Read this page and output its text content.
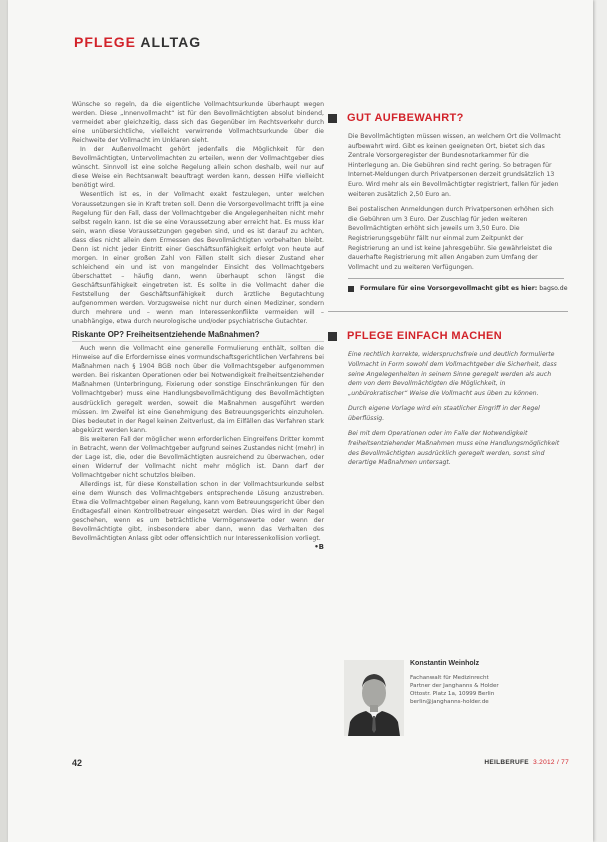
PFLEGE ALLTAG

Wünsche so regeln, da die eigentliche Vollmachtsurkunde überhaupt wegen werden. Diese „Innenvollmacht“ ist für den Bevollmächtigten absolut bindend, vermeidet aber gleichzeitig, dass sich das Gegenüber im Rechtsverkehr durch eine unübersichtliche, vielleicht verwirrende Vollmachtsurkunde über die Reichweite der Vollmacht im Unklaren sieht.

In der Außenvollmacht gehört jedenfalls die Möglichkeit für den Bevollmächtigten, Untervollmachten zu erteilen, wenn der Vollmachtgeber dies wünscht. Sinnvoll ist eine solche Regelung allein schon deshalb, weil nur auf diese Weise ein Rechtsanwalt beauftragt werden kann, dessen Hilfe vielleicht benötigt wird.

Wesentlich ist es, in der Vollmacht exakt festzulegen, unter welchen Voraussetzungen sie in Kraft treten soll. Denn die Vorsorgevollmacht trifft ja eine Regelung für den Fall, dass der Vollmachtgeber die Angelegenheiten nicht mehr selbst regeln kann. Ist die se eine Voraussetzung aber erreicht hat. Es muss klar sein, wann diese Voraussetzungen gegeben sind, und es ist darauf zu achten, dass dies nicht allein dem Ermessen des Bevollmächtigten vorbehalten bleibt. Denn ist nicht jeder Eintritt einer Geschäftsunfähigkeit erfolgt von heute auf morgen. In einer großen Zahl von Fällen stellt sich dieser Zustand eher schleichend ein und ist von mangelnder Einsicht des Vollmachtgebers überschattet – häufig dann, wenn überhaupt schon längst die Geschäftsunfähigkeit eingetreten ist. Es sollte in die Vollmacht daher die Feststellung der Geschäftsunfähigkeit durch ärztliche Begutachtung aufgenommen werden. Vorzugsweise nicht nur durch einen Mediziner, sondern durch mehrere und – wenn man Interessenkonflikte vermeiden will – unabhängige, etwa durch neurologische und/oder psychiatrische Gutachter.

Riskante OP? Freiheitsentziehende Maßnahmen?

Auch wenn die Vollmacht eine generelle Formulierung enthält, sollten die Hinweise auf die Erfordernisse eines vormundschaftsgerichtlichen Verfahrens bei Maßnahmen nach § 1904 BGB noch über die Vollmachtsgeber aufgenommen werden. Bei riskanten Operationen oder bei Notwendigkeit freiheitsentziehender Maßnahmen (Unterbringung, Fixierung oder sonstige Einschränkungen für den Vollmachtgeber) muss eine Handlungsbevollmächtigung des Bevollmächtigten ausdrücklich geregelt werden, soweit die Maßnahmen ausgeführt werden müssen. Im Zweifel ist eine Genehmigung des Betreuungsgerichts einzuholen. Dies bedeutet in der Regel keinen Zeitverlust, da im Eilfällen das Verfahren stark abgekürzt werden kann.

Bis weiteren Fall der möglicher wenn erforderlichen Eingreifens Dritter kommt in Betracht, wenn der Vollmachtgeber aufgrund seines Zustandes nicht (mehr) in der Lage ist, die, oder die Bevollmächtigten ausreichend zu überwachen, oder einen Widerruf der Vollmacht nicht mehr möglich ist. Dann darf der Vollmachtgeber nicht schutzlos bleiben.

Allerdings ist, für diese Konstellation schon in der Vollmachtsurkunde selbst eine dem Wunsch des Vollmachtgebers entsprechende Lösung anzustreben. Etwa die Vollmachtgeber einen Regelung, kann vom Betreuungsgericht über den Endtagesfall einen Kontrollbetreuer eingesetzt werden. Dies wird in der Regel geschehen, wenn es um beträchtliche Vermögenswerte oder wenn der Bevollmächtigte gibt, insbesondere aber dann, wenn das Verhalten des Bevollmächtigten Anlass gibt oder offensichtlich nur Interessenkollision vorliegt.

•B
GUT AUFBEWAHRT?

Die Bevollmächtigten müssen wissen, an welchem Ort die Vollmacht aufbewahrt wird. Gibt es keinen geeigneten Ort, bietet sich das Zentrale Vorsorgeregister der Bundesnotarkammer für die Hinterlegung an. Die Gebühren sind recht gering. So betragen für Internet-Meldungen durch Privatpersonen derzeit grundsätzlich 13 Euro. Wird mehr als ein Bevollmächtigter registriert, fallen für jeden weiteren zusätzlich 2,50 Euro an.

Bei postalischen Anmeldungen durch Privatpersonen erhöhen sich die Gebühren um 3 Euro. Der Zuschlag für jeden weiteren Bevollmächtigten erhöht sich jeweils um 3,50 Euro. Die Registrierungsgebühr fällt nur einmal zum Zeitpunkt der Registrierung an und ist keine Jahresgebühr. Sie gewährleistet die dauerhafte Registrierung mit allen Angaben zum Umfang der Vollmacht und zu weiteren Verfügungen.

Formulare für eine Vorsorgevollmacht gibt es hier: bagso.de
PFLEGE EINFACH MACHEN

Eine rechtlich korrekte, widerspruchsfreie und deutlich formulierte Vollmacht in Form sowohl dem Vollmachtgeber die Sicherheit, dass seine Angelegenheiten in seinem Sinne geregelt werden als auch dem von dem Bevollmächtigten die Möglichkeit, in „unbürokratischer“ Weise die Vollmacht aus üben zu können.

Durch eigene Vorlage wird ein staatlicher Eingriff in der Regel überflüssig.

Bei mit dem Operationen oder im Falle der Notwendigkeit freiheitsentziehender Maßnahmen muss eine Handlungsmöglichkeit des Bevollmächtigten ausdrücklich geregelt werden, sonst sind derartige Maßnahmen untersagt.

Konstantin Weinholz
Fachanwalt für Medizinrecht
Partner der Janghanns & Holder
Ottostr. Platz 1a, 10999 Berlin
berlin@janghanns-holder.de
42	HEILBERUFE 3.2012 / 77
